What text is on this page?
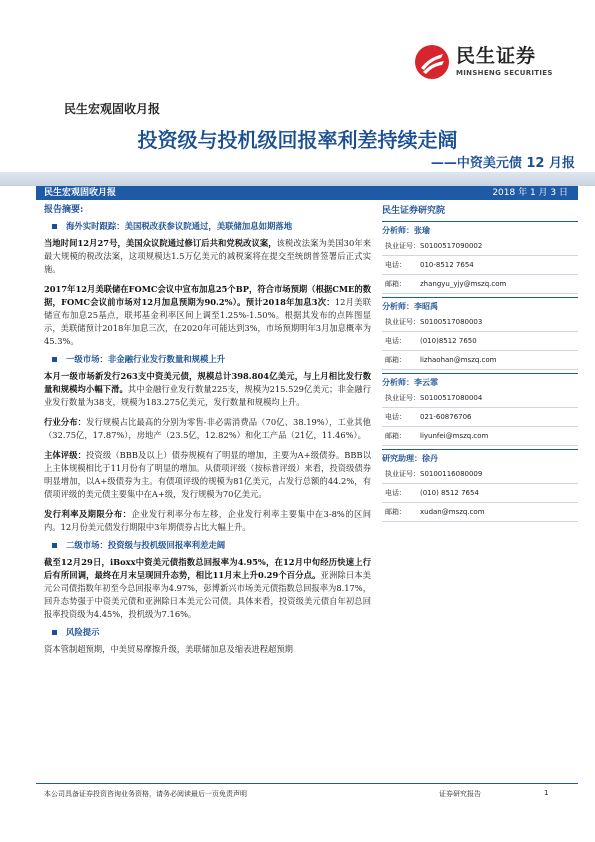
民生证券
MINSHENG SECURITIES
民生宏观固收月报
投资级与投机级回报率利差持续走阔
——中资美元债 12 月报
民生宏观固收月报	2018 年 1 月 3 日

报告摘要:

海外实时跟踪：美国税改获参议院通过，美联储加息如期落地

当地时间12月27号，美国众议院通过修订后共和党税改议案，该税改法案为美国30年来最大规模的税改法案，这项规模达1.5万亿美元的减税案将在提交至统朗普签署后正式实施。

2017年12月美联储在FOMC会议中宣布加息25个BP，符合市场预期（根据CME的数据，FOMC会议前市场对12月加息预期为90.2%）。预计2018年加息3次：12月美联储宣布加息25基点，联邦基金利率区间上调至1.25%-1.50%。根据其发布的点阵图显示，美联储预计2018年加息三次，在2020年可能达到3%，市场预期明年3月加息概率为45.3%。

一级市场：非金融行业发行数量和规模上升

本月一级市场新发行263支中资美元债，规模总计398.804亿美元，与上月相比发行数量和规模均小幅下滑。其中金融行业发行数量225支，规模为215.529亿美元；非金融行业发行数量为38支，规模为183.275亿美元，发行数量和规模均上升。

行业分布：发行规模占比最高的分别为零售-非必需消费品（70亿、38.19%），工业其他（32.75亿，17.87%），房地产（23.5亿，12.82%）和化工产品（21亿，11.46%）。

主体评级：投资级（BBB及以上）债券规模有了明显的增加，主要为A+级债券。BBB以上主体规模相比于11月份有了明显的增加。从债项评级（按标普评级）来看，投资级债券明显增加，以A+级债券为主。有债项评级的规模为81亿美元，占发行总额的44.2%，有债项评级的美元债主要集中在A+级，发行规模为70亿美元。

发行利率及期限分布：企业发行利率分布左移，企业发行利率主要集中在3-8%的区间内。12月份美元债发行期限中3年期债券占比大幅上升。

二级市场：投资级与投机级回报率利差走阔

截至12月29日，iBoxx中资美元债指数总回报率为4.95%，在12月中旬经历快速上行后有所回调，最终在月末呈现回升态势，相比11月末上升0.29个百分点。亚洲除日本美元公司债指数年初至今总回报率为4.97%，彭博新兴市场美元债指数总回报率为8.17%，回升态势强于中资美元债和亚洲除日本美元公司债。具体来看，投资级美元债自年初总回报率投资级为4.45%，投机级为7.16%。

风险提示

资本管制超预期，中美贸易摩擦升级，美联储加息及缩表进程超预期

民生证券研究院
分析师：张瑜
执业证号： S0100517090002
电话： 010-8512 7654
邮箱： zhangyu_yjy@mszq.com
分析师：李昭禹
执业证号： S0100517080003
电话： (010)8512 7650
邮箱： lizhaohan@mszq.com
分析师：李云霏
执业证号： S0100517080004
电话： 021-60876706
邮箱： liyunfei@mszq.com
研究助理：徐丹
执业证号： S0100116080009
电话： (010) 8512 7654
邮箱： xudan@mszq.com
本公司具备证券投资咨询业务资格，请务必阅读最后一页免责声明	证券研究报告	1
